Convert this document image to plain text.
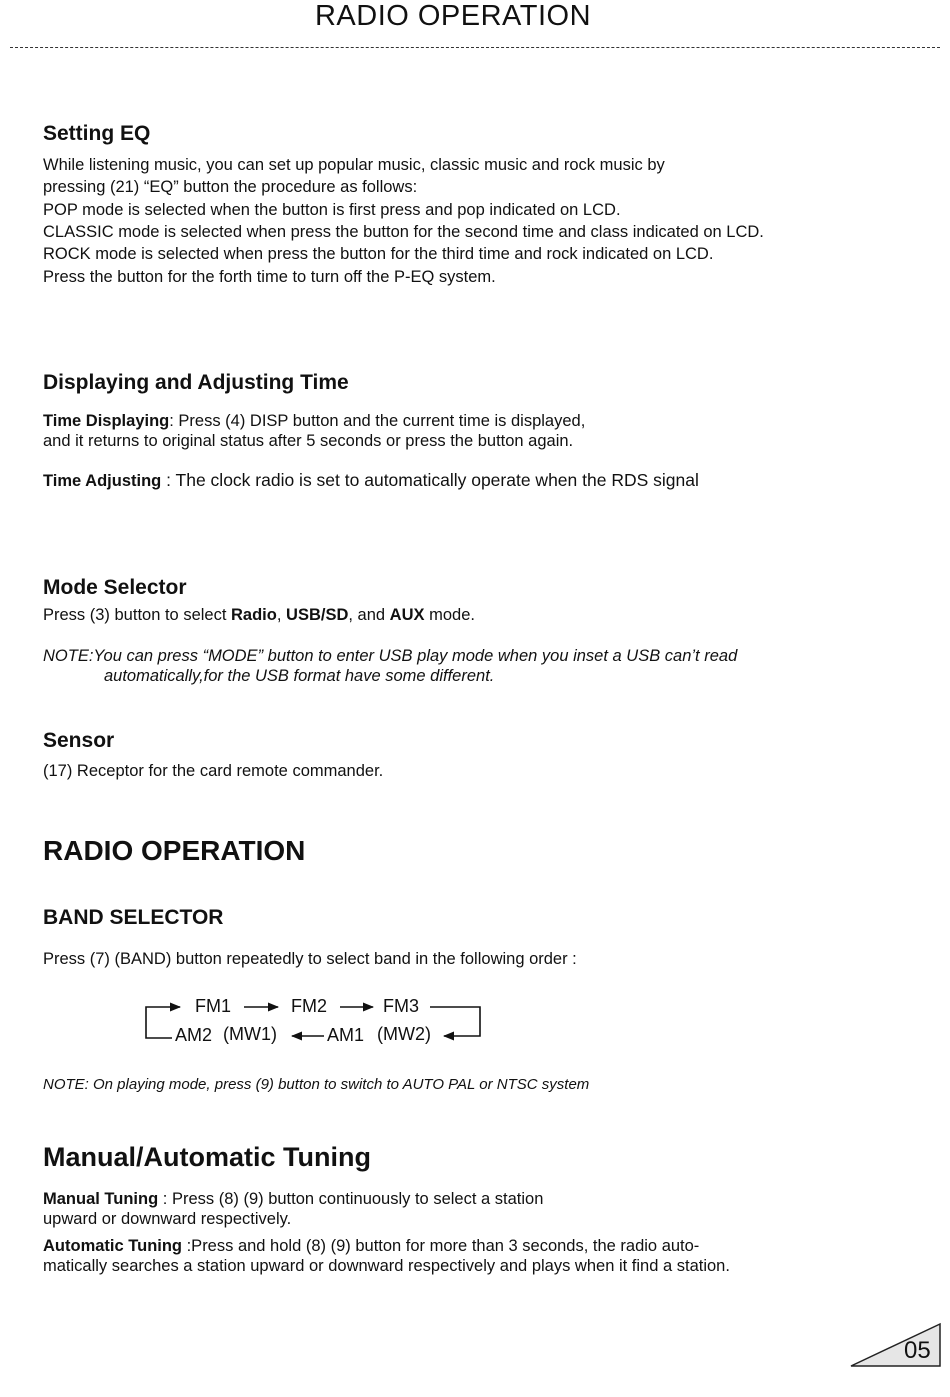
RADIO OPERATION
Setting EQ
While listening music, you can set up popular music, classic music and rock music by
pressing (21) “EQ” button the procedure as follows:
POP mode is selected when the button is first press and pop indicated on LCD.
CLASSIC mode is selected when press the button for the second time and class indicated on LCD.
ROCK mode is selected when press the button for the third time and rock indicated on LCD.
Press the button for the forth time to turn off the P-EQ system.
Displaying and Adjusting Time
Time Displaying: Press (4) DISP button and the current time is displayed,
and it returns to original status after 5 seconds or press the button again.
Time Adjusting : The clock radio is set to automatically operate when the RDS signal
Mode Selector
Press (3) button to select Radio, USB/SD, and AUX mode.
NOTE:You can press “MODE” button to enter USB play mode when you inset a USB can’t read
automatically,for the USB format have some different.
Sensor
(17) Receptor for the card remote commander.
RADIO OPERATION
BAND SELECTOR
Press (7) (BAND) button repeatedly to select band in the following order :
FM1	FM2	FM3
AM2 (MW1)	AM1 (MW2)
NOTE: On playing mode, press (9) button to switch to AUTO PAL or NTSC system
Manual/Automatic Tuning
Manual Tuning : Press (8) (9) button continuously to select a station
upward or downward respectively.
Automatic Tuning :Press and hold (8) (9) button for more than 3 seconds, the radio auto-
matically searches a station upward or downward respectively and plays when it find a station.
05
